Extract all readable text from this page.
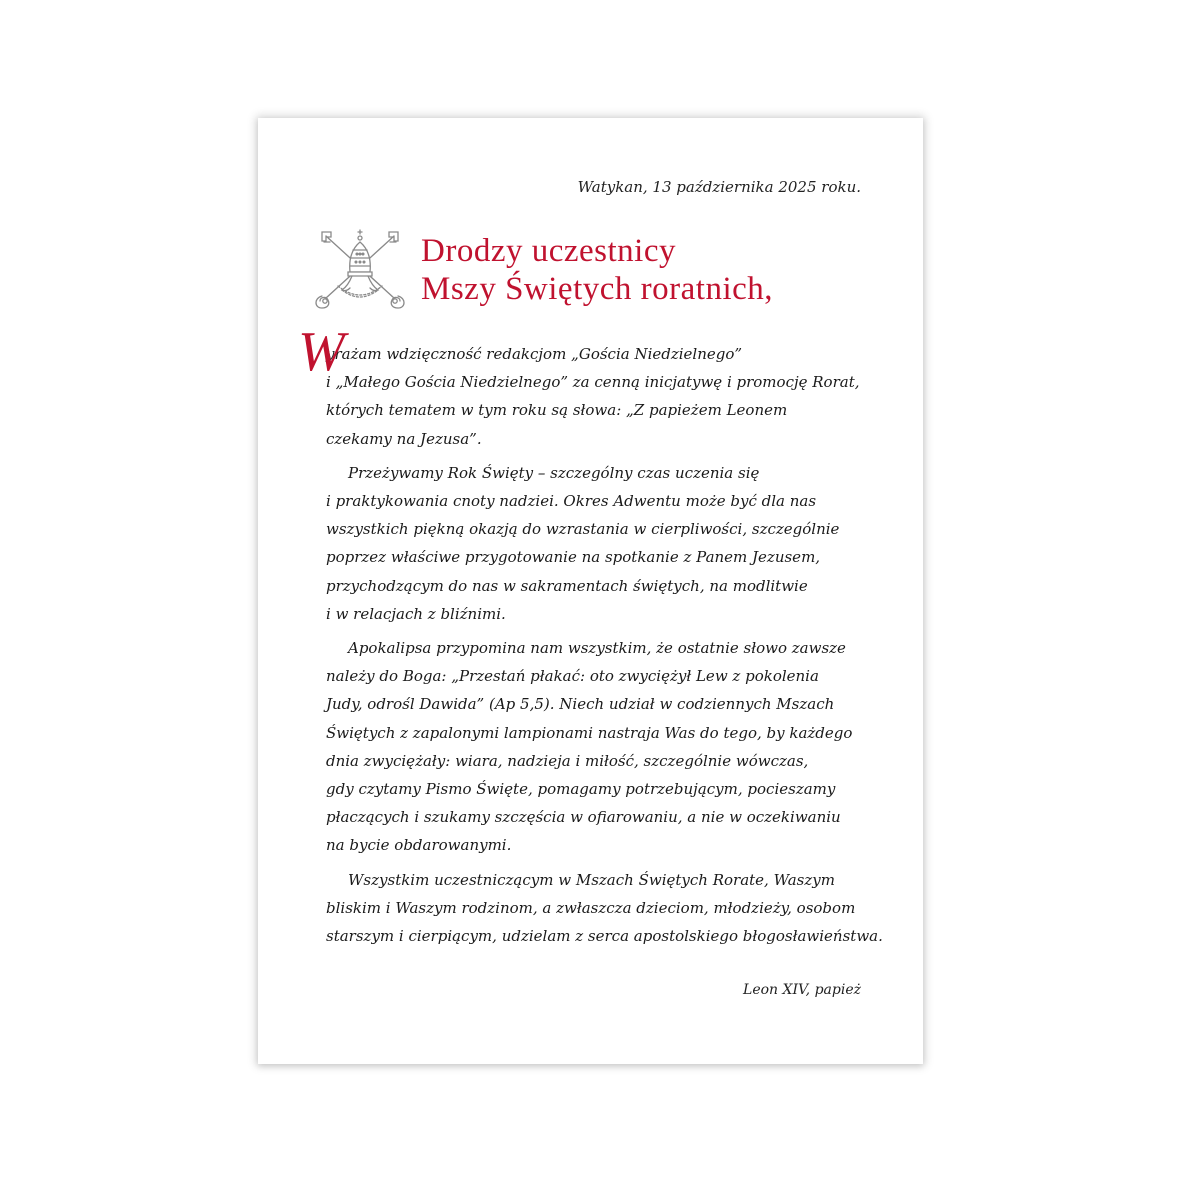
Watykan, 13 października 2025 roku.
Drodzy uczestnicy
Mszy Świętych roratnich,
W
yrażam wdzięczność redakcjom „Gościa Niedzielnego”
i „Małego Gościa Niedzielnego” za cenną inicjatywę i promocję Rorat,
których tematem w tym roku są słowa: „Z papieżem Leonem
czekamy na Jezusa”.
Przeżywamy Rok Święty – szczególny czas uczenia się
i praktykowania cnoty nadziei. Okres Adwentu może być dla nas
wszystkich piękną okazją do wzrastania w cierpliwości, szczególnie
poprzez właściwe przygotowanie na spotkanie z Panem Jezusem,
przychodzącym do nas w sakramentach świętych, na modlitwie
i w relacjach z bliźnimi.
Apokalipsa przypomina nam wszystkim, że ostatnie słowo zawsze
należy do Boga: „Przestań płakać: oto zwyciężył Lew z pokolenia
Judy, odrośl Dawida” (Ap 5,5). Niech udział w codziennych Mszach
Świętych z zapalonymi lampionami nastraja Was do tego, by każdego
dnia zwyciężały: wiara, nadzieja i miłość, szczególnie wówczas,
gdy czytamy Pismo Święte, pomagamy potrzebującym, pocieszamy
płaczących i szukamy szczęścia w ofiarowaniu, a nie w oczekiwaniu
na bycie obdarowanymi.
Wszystkim uczestniczącym w Mszach Świętych Rorate, Waszym
bliskim i Waszym rodzinom, a zwłaszcza dzieciom, młodzieży, osobom
starszym i cierpiącym, udzielam z serca apostolskiego błogosławieństwa.
Leon XIV, papież
